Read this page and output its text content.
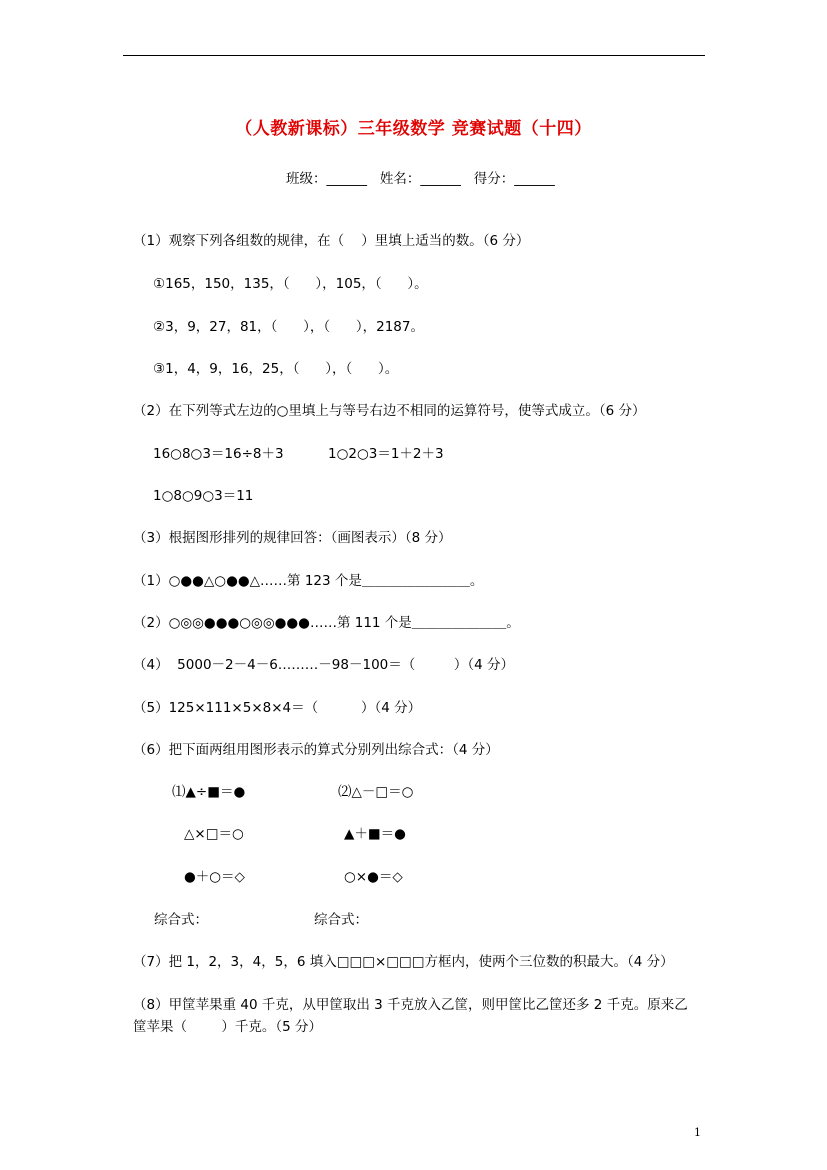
（人教新课标）三年级数学 竞赛试题（十四）
班级：______   姓名：______   得分：______
（1）观察下列各组数的规律，在（    ）里填上适当的数。（6 分）
①165，150，135，（      ），105，（      ）。
②3，9，27，81，（      ），（      ），2187。
③1，4，9，16，25，（      ），（      ）。
（2）在下列等式左边的○里填上与等号右边不相同的运算符号，使等式成立。（6 分）
16○8○3＝16÷8＋3	1○2○3＝1＋2＋3
1○8○9○3＝11
（3）根据图形排列的规律回答：（画图表示）（8 分）
（1）○●●△○●●△……第 123 个是＿＿＿＿＿＿＿＿。
（2）○◎◎●●●○◎◎●●●……第 111 个是＿＿＿＿＿＿＿。
（4）  5000－2－4－6………－98－100＝（         ）（4 分）
（5）125×111×5×8×4＝（          ）（4 分）
（6）把下面两组用图形表示的算式分别列出综合式：（4 分）
⑴▲÷■＝●	⑵△－□＝○
△×□＝○	▲＋■＝●
●＋○＝◇	○×●＝◇
综合式：	综合式：
（7）把 1，2，3，4，5，6 填入□□□×□□□方框内，使两个三位数的积最大。（4 分）
（8）甲筐苹果重 40 千克，从甲筐取出 3 千克放入乙筐，则甲筐比乙筐还多 2 千克。原来乙
筐苹果（        ）千克。（5 分）
1
